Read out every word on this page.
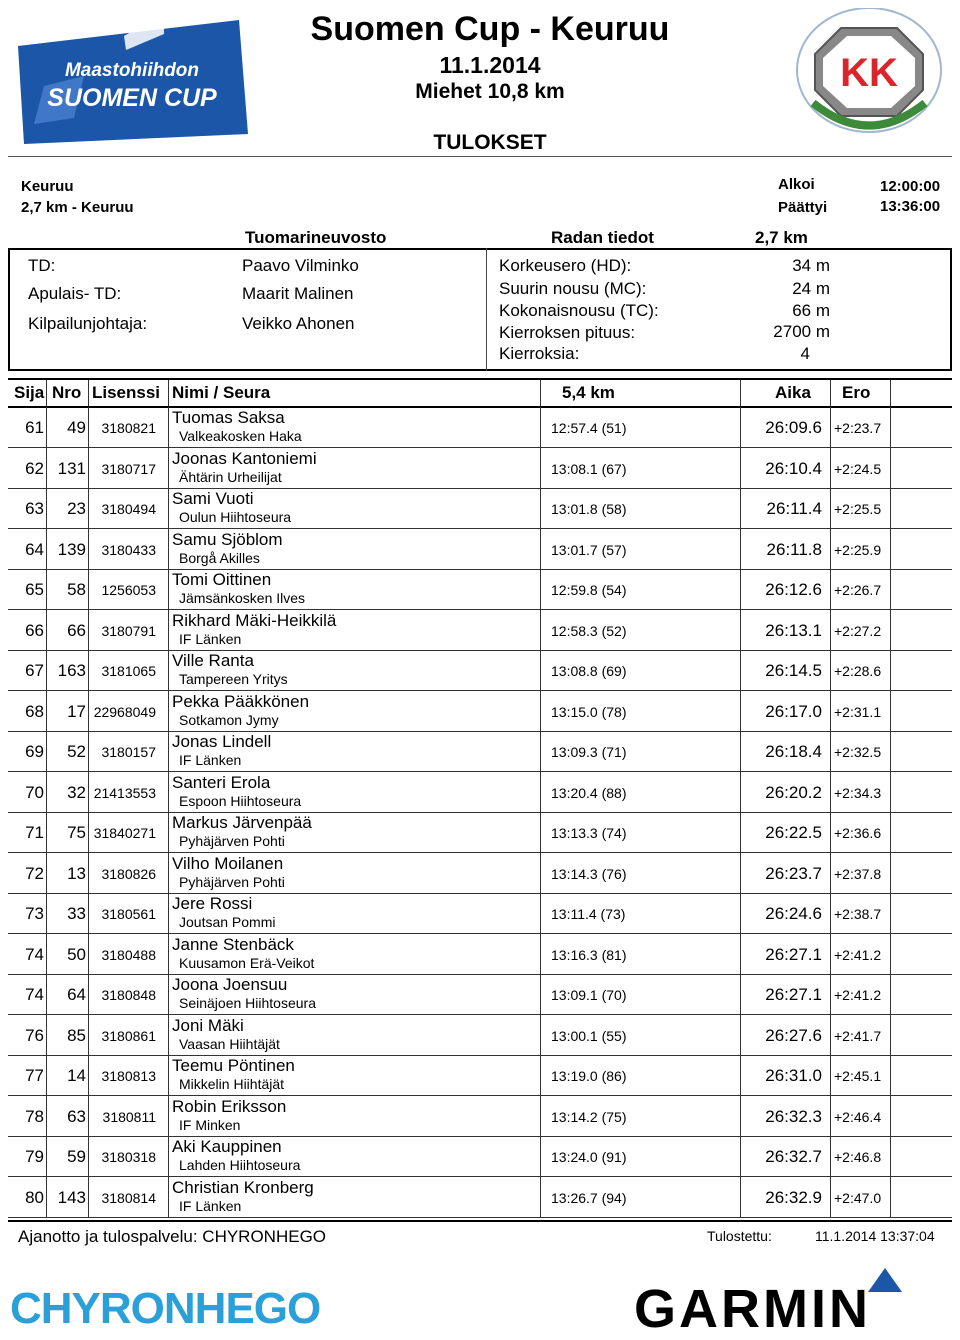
Maastohiihdon
SUOMEN CUP
Suomen Cup - Keuruu
11.1.2014
Miehet 10,8 km
TULOKSET
KK
Keuruu
2,7 km - Keuruu
Alkoi	12:00:00
Päättyi	13:36:00
Tuomarineuvosto	Radan tiedot	2,7 km
TD:	Paavo Vilminko
Apulais- TD:	Maarit Malinen
Kilpailunjohtaja:	Veikko Ahonen
Korkeusero (HD):	34 m
Suurin nousu (MC):	24 m
Kokonaisnousu (TC):	66 m
Kierroksen pituus:	2700 m
Kierroksia:	4
Sija Nro Lisenssi Nimi / Seura	5,4 km	Aika Ero
61	49	3180821
Tuomas Saksa
Valkeakosken Haka	12:57.4 (51)	26:09.6 +2:23.7
62 131	3180717
Joonas Kantoniemi
Ähtärin Urheilijat	13:08.1 (67)	26:10.4 +2:24.5
63	23	3180494
Sami Vuoti
Oulun Hiihtoseura	13:01.8 (58)	26:11.4 +2:25.5
64 139	3180433
Samu Sjöblom
Borgå Akilles	13:01.7 (57)	26:11.8 +2:25.9
65	58	1256053
Tomi Oittinen
Jämsänkosken Ilves	12:59.8 (54)	26:12.6 +2:26.7
66	66	3180791
Rikhard Mäki-Heikkilä
IF Länken	12:58.3 (52)	26:13.1 +2:27.2
67 163	3181065
Ville Ranta
Tampereen Yritys	13:08.8 (69)	26:14.5 +2:28.6
68	17 22968049
Pekka Pääkkönen
Sotkamon Jymy	13:15.0 (78)	26:17.0 +2:31.1
69	52	3180157
Jonas Lindell
IF Länken	13:09.3 (71)	26:18.4 +2:32.5
70	32 21413553
Santeri Erola
Espoon Hiihtoseura	13:20.4 (88)	26:20.2 +2:34.3
71	75 31840271
Markus Järvenpää
Pyhäjärven Pohti	13:13.3 (74)	26:22.5 +2:36.6
72	13	3180826
Vilho Moilanen
Pyhäjärven Pohti	13:14.3 (76)	26:23.7 +2:37.8
73	33	3180561
Jere Rossi
Joutsan Pommi	13:11.4 (73)	26:24.6 +2:38.7
74	50	3180488
Janne Stenbäck
Kuusamon Erä-Veikot	13:16.3 (81)	26:27.1 +2:41.2
74	64	3180848
Joona Joensuu
Seinäjoen Hiihtoseura	13:09.1 (70)	26:27.1 +2:41.2
76	85	3180861
Joni Mäki
Vaasan Hiihtäjät	13:00.1 (55)	26:27.6 +2:41.7
77	14	3180813
Teemu Pöntinen
Mikkelin Hiihtäjät	13:19.0 (86)	26:31.0 +2:45.1
78	63	3180811
Robin Eriksson
IF Minken	13:14.2 (75)	26:32.3 +2:46.4
79	59	3180318
Aki Kauppinen
Lahden Hiihtoseura	13:24.0 (91)	26:32.7 +2:46.8
80 143	3180814
Christian Kronberg
IF Länken	13:26.7 (94)	26:32.9 +2:47.0
Ajanotto ja tulospalvelu: CHYRONHEGO	Tulostettu:	11.1.2014 13:37:04
CHYRONHEGO	GARMIN
